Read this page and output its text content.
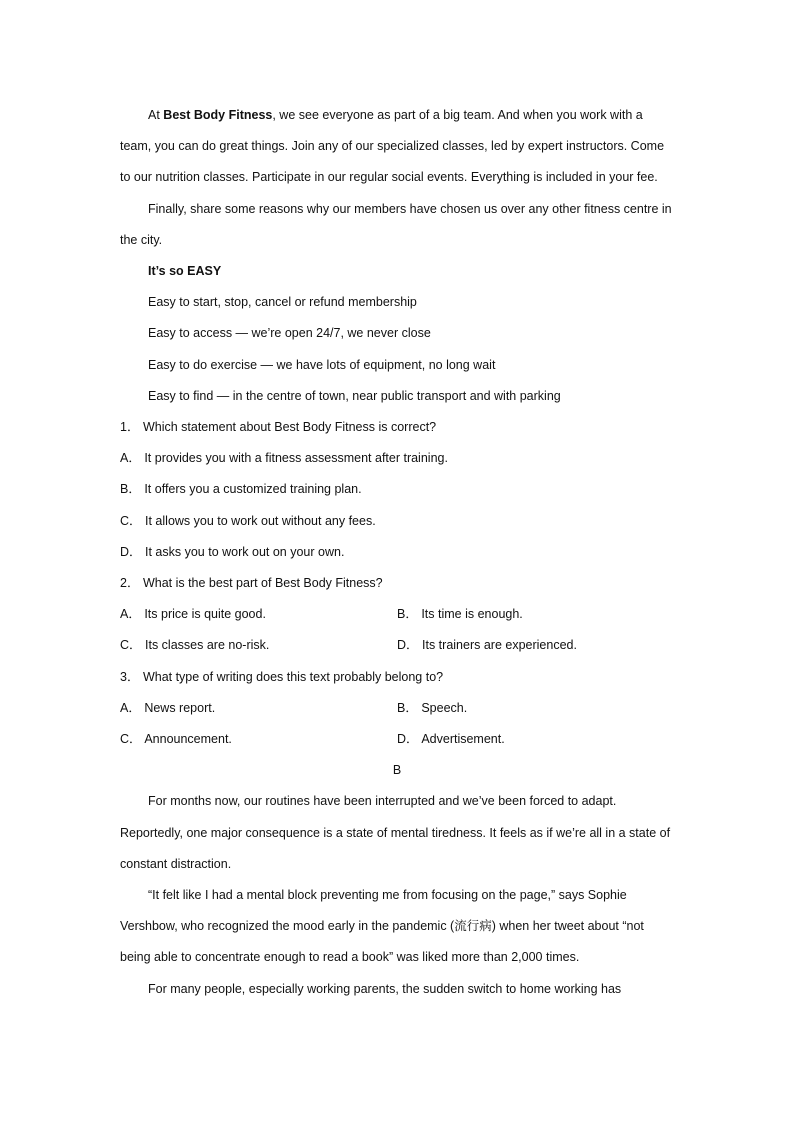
At Best Body Fitness, we see everyone as part of a big team. And when you work with a team, you can do great things. Join any of our specialized classes, led by expert instructors. Come to our nutrition classes. Participate in our regular social events. Everything is included in your fee.

Finally, share some reasons why our members have chosen us over any other fitness centre in the city.

It’s so EASY

Easy to start, stop, cancel or refund membership

Easy to access — we’re open 24/7, we never close

Easy to do exercise — we have lots of equipment, no long wait

Easy to find — in the centre of town, near public transport and with parking

1． Which statement about Best Body Fitness is correct?

A． It provides you with a fitness assessment after training.

B． It offers you a customized training plan.

C． It allows you to work out without any fees.

D． It asks you to work out on your own.

2． What is the best part of Best Body Fitness?

A． Its price is quite good.	B． Its time is enough.

C． Its classes are no-risk.	D． Its trainers are experienced.

3． What type of writing does this text probably belong to?

A． News report.	B． Speech.

C． Announcement.	D． Advertisement.

B

For months now, our routines have been interrupted and we’ve been forced to adapt. Reportedly, one major consequence is a state of mental tiredness. It feels as if we’re all in a state of constant distraction.

“It felt like I had a mental block preventing me from focusing on the page,” says Sophie Vershbow, who recognized the mood early in the pandemic (流行病) when her tweet about “not being able to concentrate enough to read a book” was liked more than 2,000 times.

For many people, especially working parents, the sudden switch to home working has
